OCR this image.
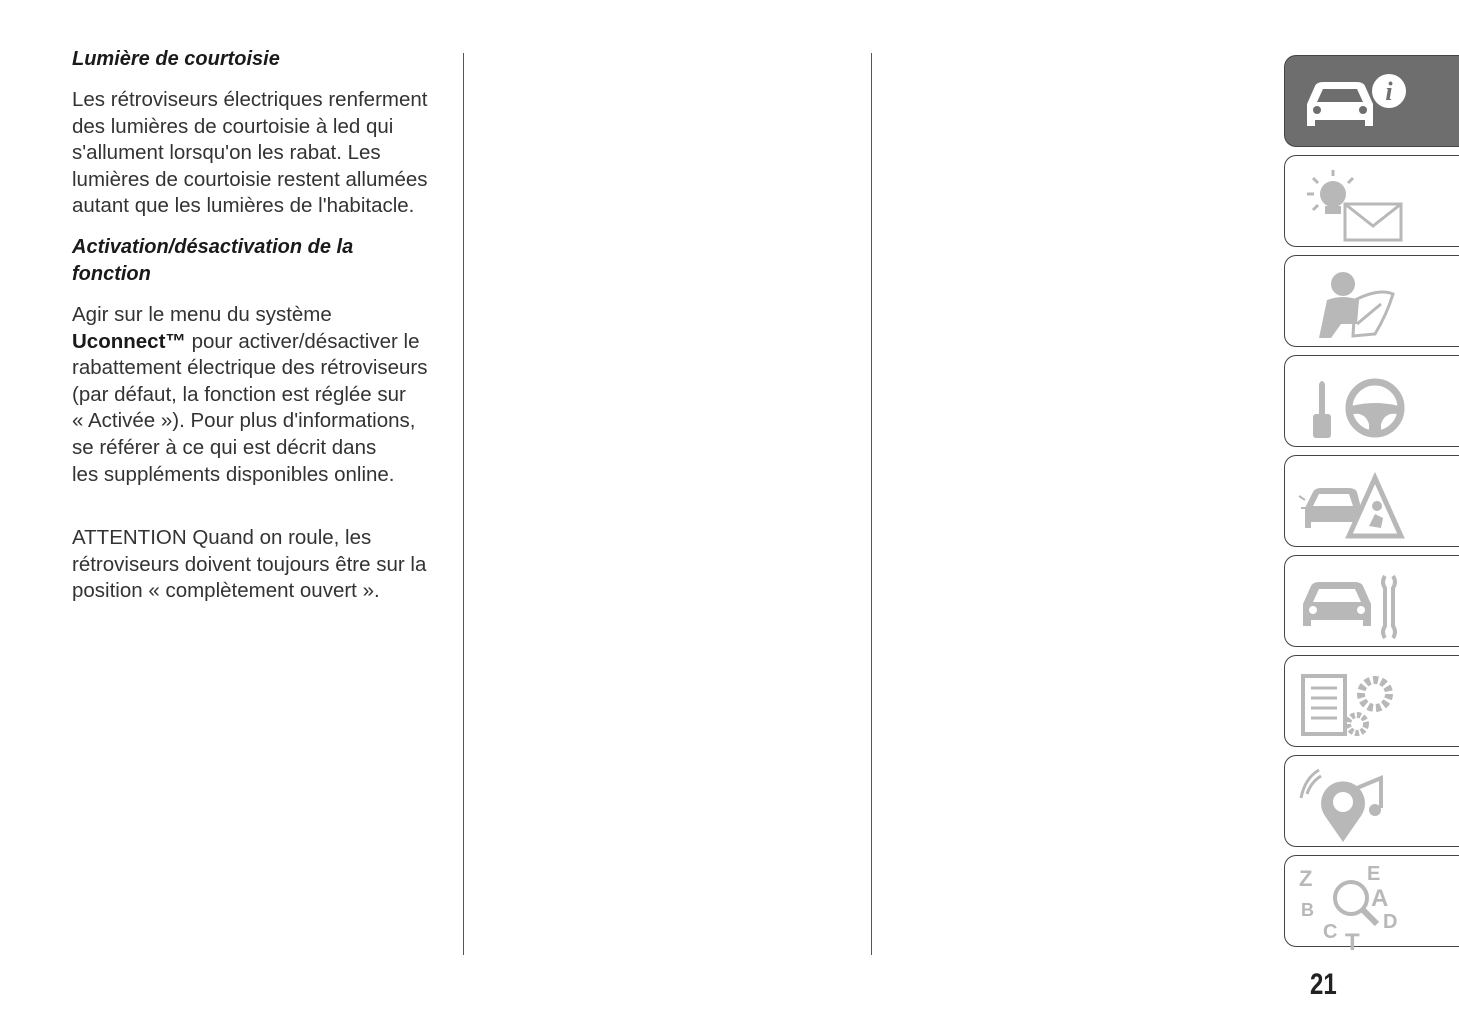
Lumière de courtoisie
Les rétroviseurs électriques renferment
des lumières de courtoisie à led qui
s'allument lorsqu'on les rabat. Les
lumières de courtoisie restent allumées
autant que les lumières de l'habitacle.
Activation/désactivation de la
fonction
Agir sur le menu du système
Uconnect™ pour activer/désactiver le
rabattement électrique des rétroviseurs
(par défaut, la fonction est réglée sur
« Activée »). Pour plus d'informations,
se référer à ce qui est décrit dans
les suppléments disponibles online.
ATTENTION Quand on roule, les
rétroviseurs doivent toujours être sur la
position « complètement ouvert ».
i
Z	E
A
B
C D
T
21
